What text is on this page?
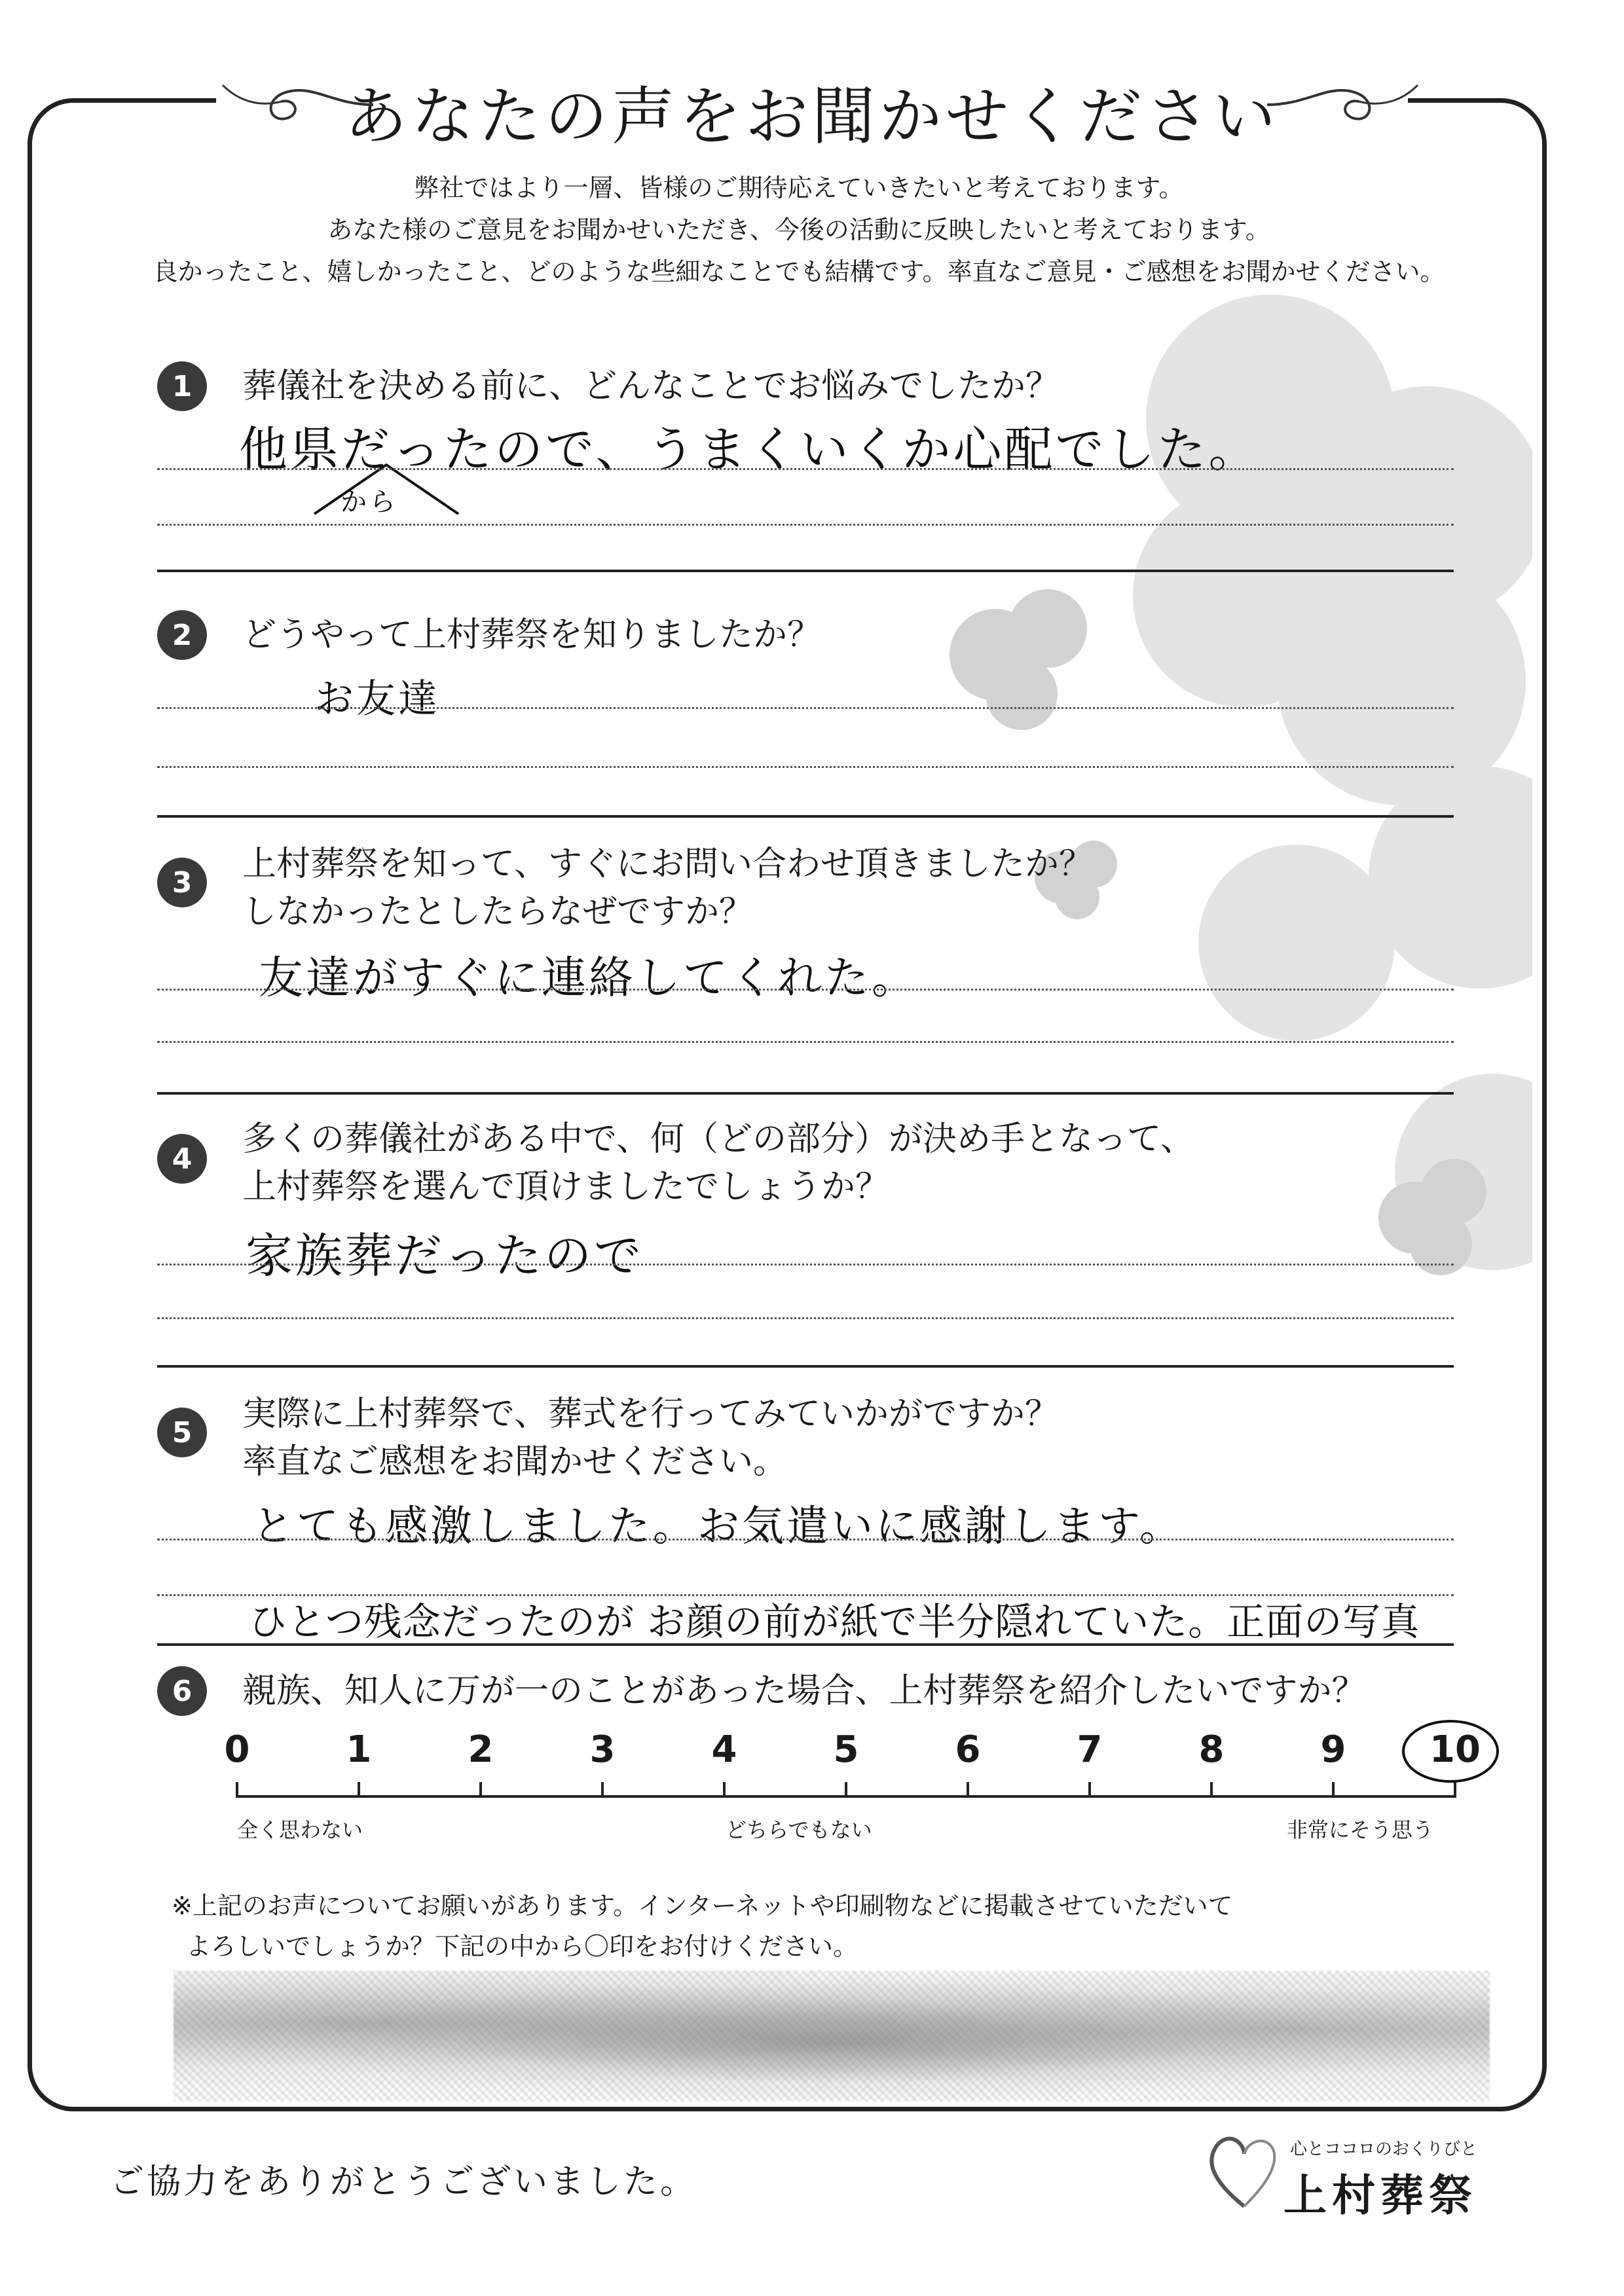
あなたの声をお聞かせください
弊社ではより一層、皆様のご期待応えていきたいと考えております。
あなた様のご意見をお聞かせいただき、今後の活動に反映したいと考えております。
良かったこと、嬉しかったこと、どのような些細なことでも結構です。率直なご意見・ご感想をお聞かせください。
1	葬儀社を決める前に、どんなことでお悩みでしたか？
他県だったので、うまくいくか心配でした。
から
2	どうやって上村葬祭を知りましたか？
お友達
3	上村葬祭を知って、すぐにお問い合わせ頂きましたか？
しなかったとしたらなぜですか？
友達がすぐに連絡してくれた。
4	多くの葬儀社がある中で、何（どの部分）が決め手となって、
上村葬祭を選んで頂けましたでしょうか？
家族葬だったので
5	実際に上村葬祭で、葬式を行ってみていかがですか？
率直なご感想をお聞かせください。
とても感激しました。お気遣いに感謝します。
ひとつ残念だったのが お顔の前が紙で半分隠れていた。正面の写真
6	親族、知人に万が一のことがあった場合、上村葬祭を紹介したいですか？
0	1	2	3	4	5	6	7	8	9	10
全く思わない	どちらでもない	非常にそう思う
※上記のお声についてお願いがあります。インターネットや印刷物などに掲載させていただいて
よろしいでしょうか？下記の中から〇印をお付けください。
ご協力をありがとうございました。
心とココロのおくりびと
上村葬祭
